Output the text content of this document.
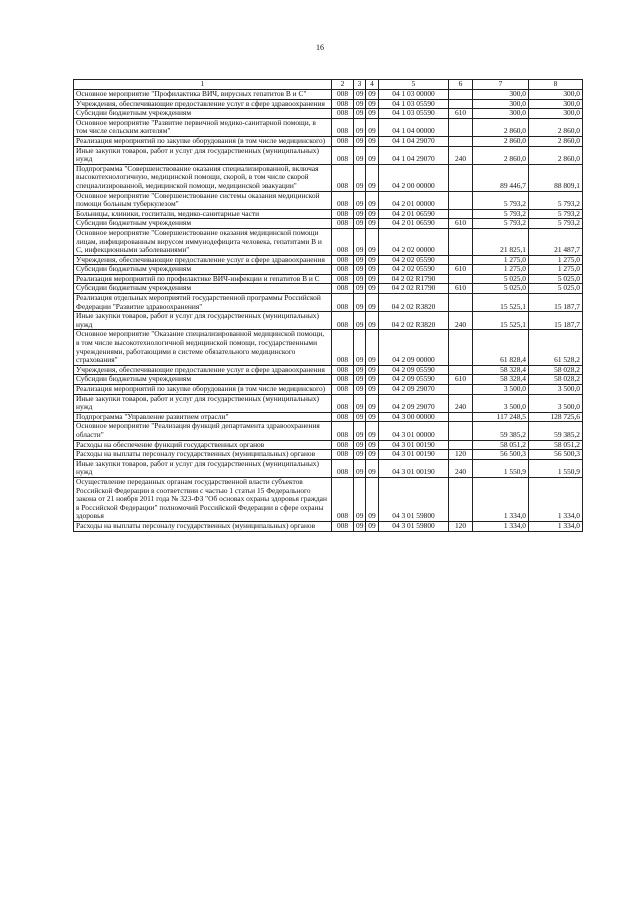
16
1	2	3	4	5	6	7	8
Основное мероприятие "Профилактика ВИЧ, вирусных гепатитов В и С"	008	09	09	04 1 03 00000		300,0	300,0
Учреждения, обеспечивающие предоставление услуг в сфере здравоохранения	008	09	09	04 1 03 05590		300,0	300,0
Субсидии бюджетным учреждениям	008	09	09	04 1 03 05590	610	300,0	300,0
Основное мероприятие "Развитие первичной медико-санитарной помощи, в том числе сельским жителям"	008	09	09	04 1 04 00000		2 860,0	2 860,0
Реализация мероприятий по закупке оборудования (в том числе медицинского)	008	09	09	04 1 04 29070		2 860,0	2 860,0
Иные закупки товаров, работ и услуг для государственных (муниципальных) нужд	008	09	09	04 1 04 29070	240	2 860,0	2 860,0
Подпрограмма "Совершенствование оказания специализированной, включая высокотехнологичную, медицинской помощи, скорой, в том числе скорой специализированной, медицинской помощи, медицинской эвакуации"	008	09	09	04 2 00 00000		89 446,7	88 809,1
Основное мероприятие "Совершенствование системы оказания медицинской помощи больным туберкулезом"	008	09	09	04 2 01 00000		5 793,2	5 793,2
Больницы, клиники, госпитали, медико-санитарные части	008	09	09	04 2 01 06590		5 793,2	5 793,2
Субсидии бюджетным учреждениям	008	09	09	04 2 01 06590	610	5 793,2	5 793,2
Основное мероприятие "Совершенствование оказания медицинской помощи лицам, инфицированным вирусом иммунодефицита человека, гепатитами В и С, инфекционными заболеваниями"	008	09	09	04 2 02 00000		21 825,1	21 487,7
Учреждения, обеспечивающие предоставление услуг в сфере здравоохранения	008	09	09	04 2 02 05590		1 275,0	1 275,0
Субсидии бюджетным учреждениям	008	09	09	04 2 02 05590	610	1 275,0	1 275,0
Реализация мероприятий по профилактике ВИЧ-инфекции и гепатитов В и С	008	09	09	04 2 02 R1790		5 025,0	5 025,0
Субсидии бюджетным учреждениям	008	09	09	04 2 02 R1790	610	5 025,0	5 025,0
Реализация отдельных мероприятий государственной программы Российской Федерации "Развитие здравоохранения"	008	09	09	04 2 02 R3820		15 525,1	15 187,7
Иные закупки товаров, работ и услуг для государственных (муниципальных) нужд	008	09	09	04 2 02 R3820	240	15 525,1	15 187,7
Основное мероприятие "Оказание специализированной медицинской помощи, в том числе высокотехнологичной медицинской помощи, государственными учреждениями, работающими в системе обязательного медицинского страхования"	008	09	09	04 2 09 00000		61 828,4	61 528,2
Учреждения, обеспечивающие предоставление услуг в сфере здравоохранения	008	09	09	04 2 09 05590		58 328,4	58 028,2
Субсидии бюджетным учреждениям	008	09	09	04 2 09 05590	610	58 328,4	58 028,2
Реализация мероприятий по закупке оборудования (в том числе медицинского)	008	09	09	04 2 09 29070		3 500,0	3 500,0
Иные закупки товаров, работ и услуг для государственных (муниципальных) нужд	008	09	09	04 2 09 29070	240	3 500,0	3 500,0
Подпрограмма "Управление развитием отрасли"	008	09	09	04 3 00 00000		117 248,5	128 725,6
Основное мероприятие "Реализация функций департамента здравоохранения области"	008	09	09	04 3 01 00000		59 385,2	59 385,2
Расходы на обеспечение функций государственных органов	008	09	09	04 3 01 00190		58 051,2	58 051,2
Расходы на выплаты персоналу государственных (муниципальных) органов	008	09	09	04 3 01 00190	120	56 500,3	56 500,3
Иные закупки товаров, работ и услуг для государственных (муниципальных) нужд	008	09	09	04 3 01 00190	240	1 550,9	1 550,9
Осуществление переданных органам государственной власти субъектов Российской Федерации в соответствии с частью 1 статьи 15 Федерального закона от 21 ноября 2011 года № 323-ФЗ "Об основах охраны здоровья граждан в Российской Федерации" полномочий Российской Федерации в сфере охраны здоровья	008	09	09	04 3 01 59800		1 334,0	1 334,0
Расходы на выплаты персоналу государственных (муниципальных) органов	008	09	09	04 3 01 59800	120	1 334,0	1 334,0
